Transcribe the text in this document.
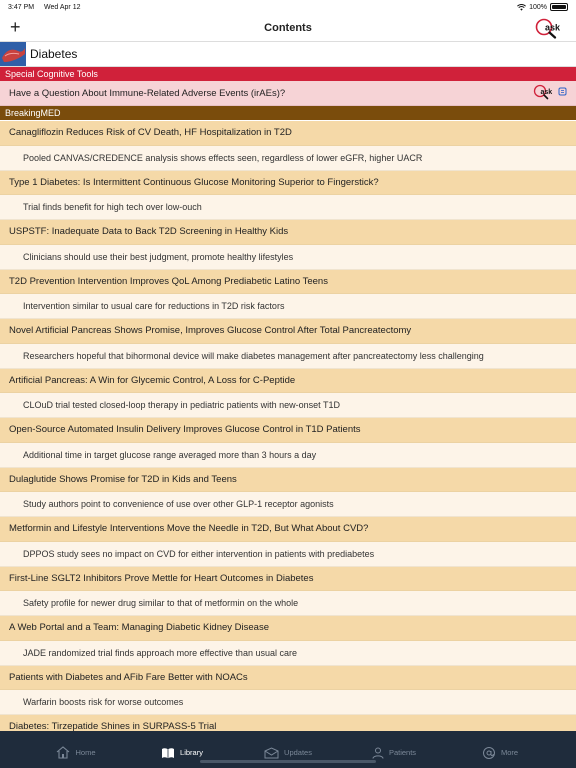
3:47 PM Wed Apr 12	100%
+	Contents	ask
Diabetes
Special Cognitive Tools
Have a Question About Immune-Related Adverse Events (irAEs)?	ask
BreakingMED
Canagliflozin Reduces Risk of CV Death, HF Hospitalization in T2D
Pooled CANVAS/CREDENCE analysis shows effects seen, regardless of lower eGFR, higher UACR
Type 1 Diabetes: Is Intermittent Continuous Glucose Monitoring Superior to Fingerstick?
Trial finds benefit for high tech over low-ouch
USPSTF: Inadequate Data to Back T2D Screening in Healthy Kids
Clinicians should use their best judgment, promote healthy lifestyles
T2D Prevention Intervention Improves QoL Among Prediabetic Latino Teens
Intervention similar to usual care for reductions in T2D risk factors
Novel Artificial Pancreas Shows Promise, Improves Glucose Control After Total Pancreatectomy
Researchers hopeful that bihormonal device will make diabetes management after pancreatectomy less challenging
Artificial Pancreas: A Win for Glycemic Control, A Loss for C-Peptide
CLOuD trial tested closed-loop therapy in pediatric patients with new-onset T1D
Open-Source Automated Insulin Delivery Improves Glucose Control in T1D Patients
Additional time in target glucose range averaged more than 3 hours a day
Dulaglutide Shows Promise for T2D in Kids and Teens
Study authors point to convenience of use over other GLP-1 receptor agonists
Metformin and Lifestyle Interventions Move the Needle in T2D, But What About CVD?
DPPOS study sees no impact on CVD for either intervention in patients with prediabetes
First-Line SGLT2 Inhibitors Prove Mettle for Heart Outcomes in Diabetes
Safety profile for newer drug similar to that of metformin on the whole
A Web Portal and a Team: Managing Diabetic Kidney Disease
JADE randomized trial finds approach more effective than usual care
Patients with Diabetes and AFib Fare Better with NOACs
Warfarin boosts risk for worse outcomes
Diabetes: Tirzepatide Shines in SURPASS-5 Trial
Home	Library	Updates	Patients	More
